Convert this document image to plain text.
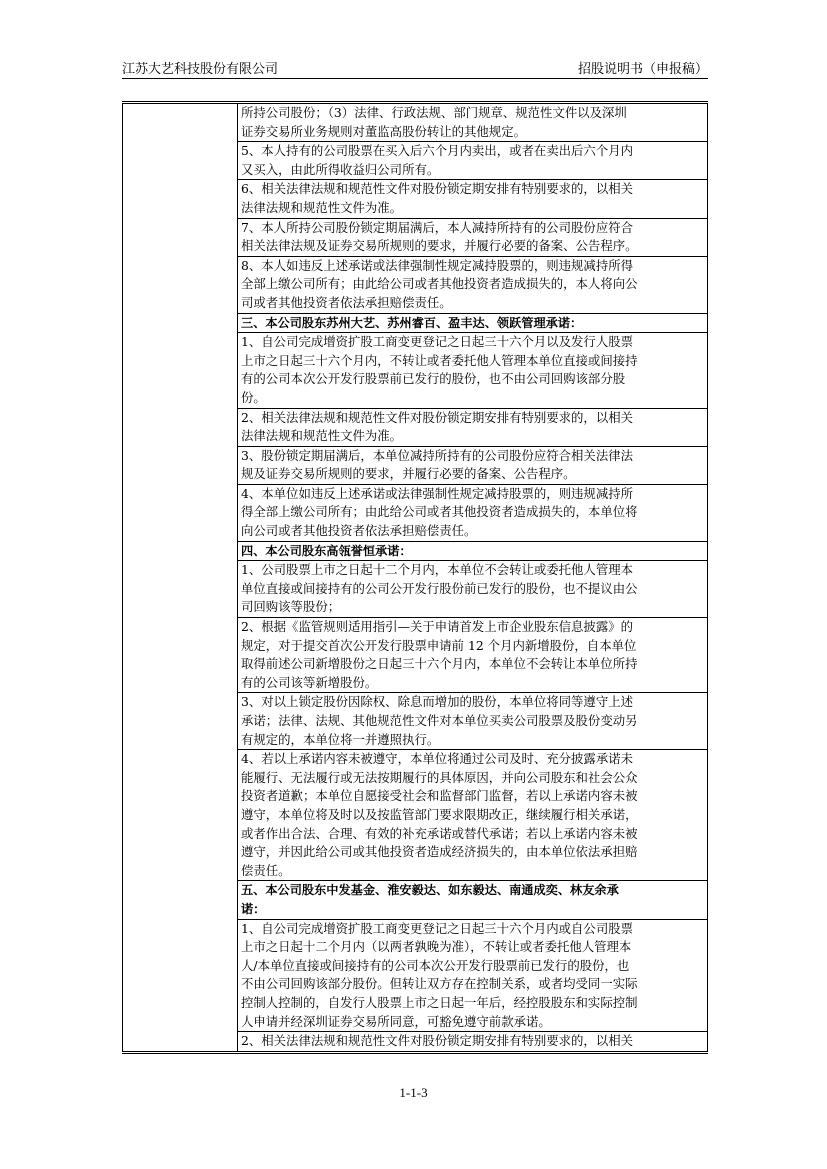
江苏大艺科技股份有限公司	招股说明书（申报稿）
所持公司股份；（3）法律、行政法规、部门规章、规范性文件以及深圳
证券交易所业务规则对董监高股份转让的其他规定。
5、本人持有的公司股票在买入后六个月内卖出，或者在卖出后六个月内
又买入，由此所得收益归公司所有。
6、相关法律法规和规范性文件对股份锁定期安排有特别要求的，以相关
法律法规和规范性文件为准。
7、本人所持公司股份锁定期届满后，本人减持所持有的公司股份应符合
相关法律法规及证券交易所规则的要求，并履行必要的备案、公告程序。
8、本人如违反上述承诺或法律强制性规定减持股票的，则违规减持所得
全部上缴公司所有；由此给公司或者其他投资者造成损失的，本人将向公
司或者其他投资者依法承担赔偿责任。
三、本公司股东苏州大艺、苏州睿百、盈丰达、领跃管理承诺：
1、自公司完成增资扩股工商变更登记之日起三十六个月以及发行人股票
上市之日起三十六个月内，不转让或者委托他人管理本单位直接或间接持
有的公司本次公开发行股票前已发行的股份，也不由公司回购该部分股
份。
2、相关法律法规和规范性文件对股份锁定期安排有特别要求的，以相关
法律法规和规范性文件为准。
3、股份锁定期届满后，本单位减持所持有的公司股份应符合相关法律法
规及证券交易所规则的要求，并履行必要的备案、公告程序。
4、本单位如违反上述承诺或法律强制性规定减持股票的，则违规减持所
得全部上缴公司所有；由此给公司或者其他投资者造成损失的，本单位将
向公司或者其他投资者依法承担赔偿责任。
四、本公司股东高瓴誉恒承诺：
1、公司股票上市之日起十二个月内，本单位不会转让或委托他人管理本
单位直接或间接持有的公司公开发行股份前已发行的股份，也不提议由公
司回购该等股份；
2、根据《监管规则适用指引—关于申请首发上市企业股东信息披露》的
规定，对于提交首次公开发行股票申请前 12 个月内新增股份，自本单位
取得前述公司新增股份之日起三十六个月内，本单位不会转让本单位所持
有的公司该等新增股份。
3、对以上锁定股份因除权、除息而增加的股份，本单位将同等遵守上述
承诺；法律、法规、其他规范性文件对本单位买卖公司股票及股份变动另
有规定的，本单位将一并遵照执行。
4、若以上承诺内容未被遵守，本单位将通过公司及时、充分披露承诺未
能履行、无法履行或无法按期履行的具体原因，并向公司股东和社会公众
投资者道歉；本单位自愿接受社会和监督部门监督，若以上承诺内容未被
遵守，本单位将及时以及按监管部门要求限期改正，继续履行相关承诺，
或者作出合法、合理、有效的补充承诺或替代承诺；若以上承诺内容未被
遵守，并因此给公司或其他投资者造成经济损失的，由本单位依法承担赔
偿责任。
五、本公司股东中发基金、淮安毅达、如东毅达、南通成奕、林友余承
诺：
1、自公司完成增资扩股工商变更登记之日起三十六个月内或自公司股票
上市之日起十二个月内（以两者孰晚为准），不转让或者委托他人管理本
人/本单位直接或间接持有的公司本次公开发行股票前已发行的股份，也
不由公司回购该部分股份。但转让双方存在控制关系，或者均受同一实际
控制人控制的，自发行人股票上市之日起一年后，经控股股东和实际控制
人申请并经深圳证券交易所同意，可豁免遵守前款承诺。
2、相关法律法规和规范性文件对股份锁定期安排有特别要求的，以相关
1-1-3
